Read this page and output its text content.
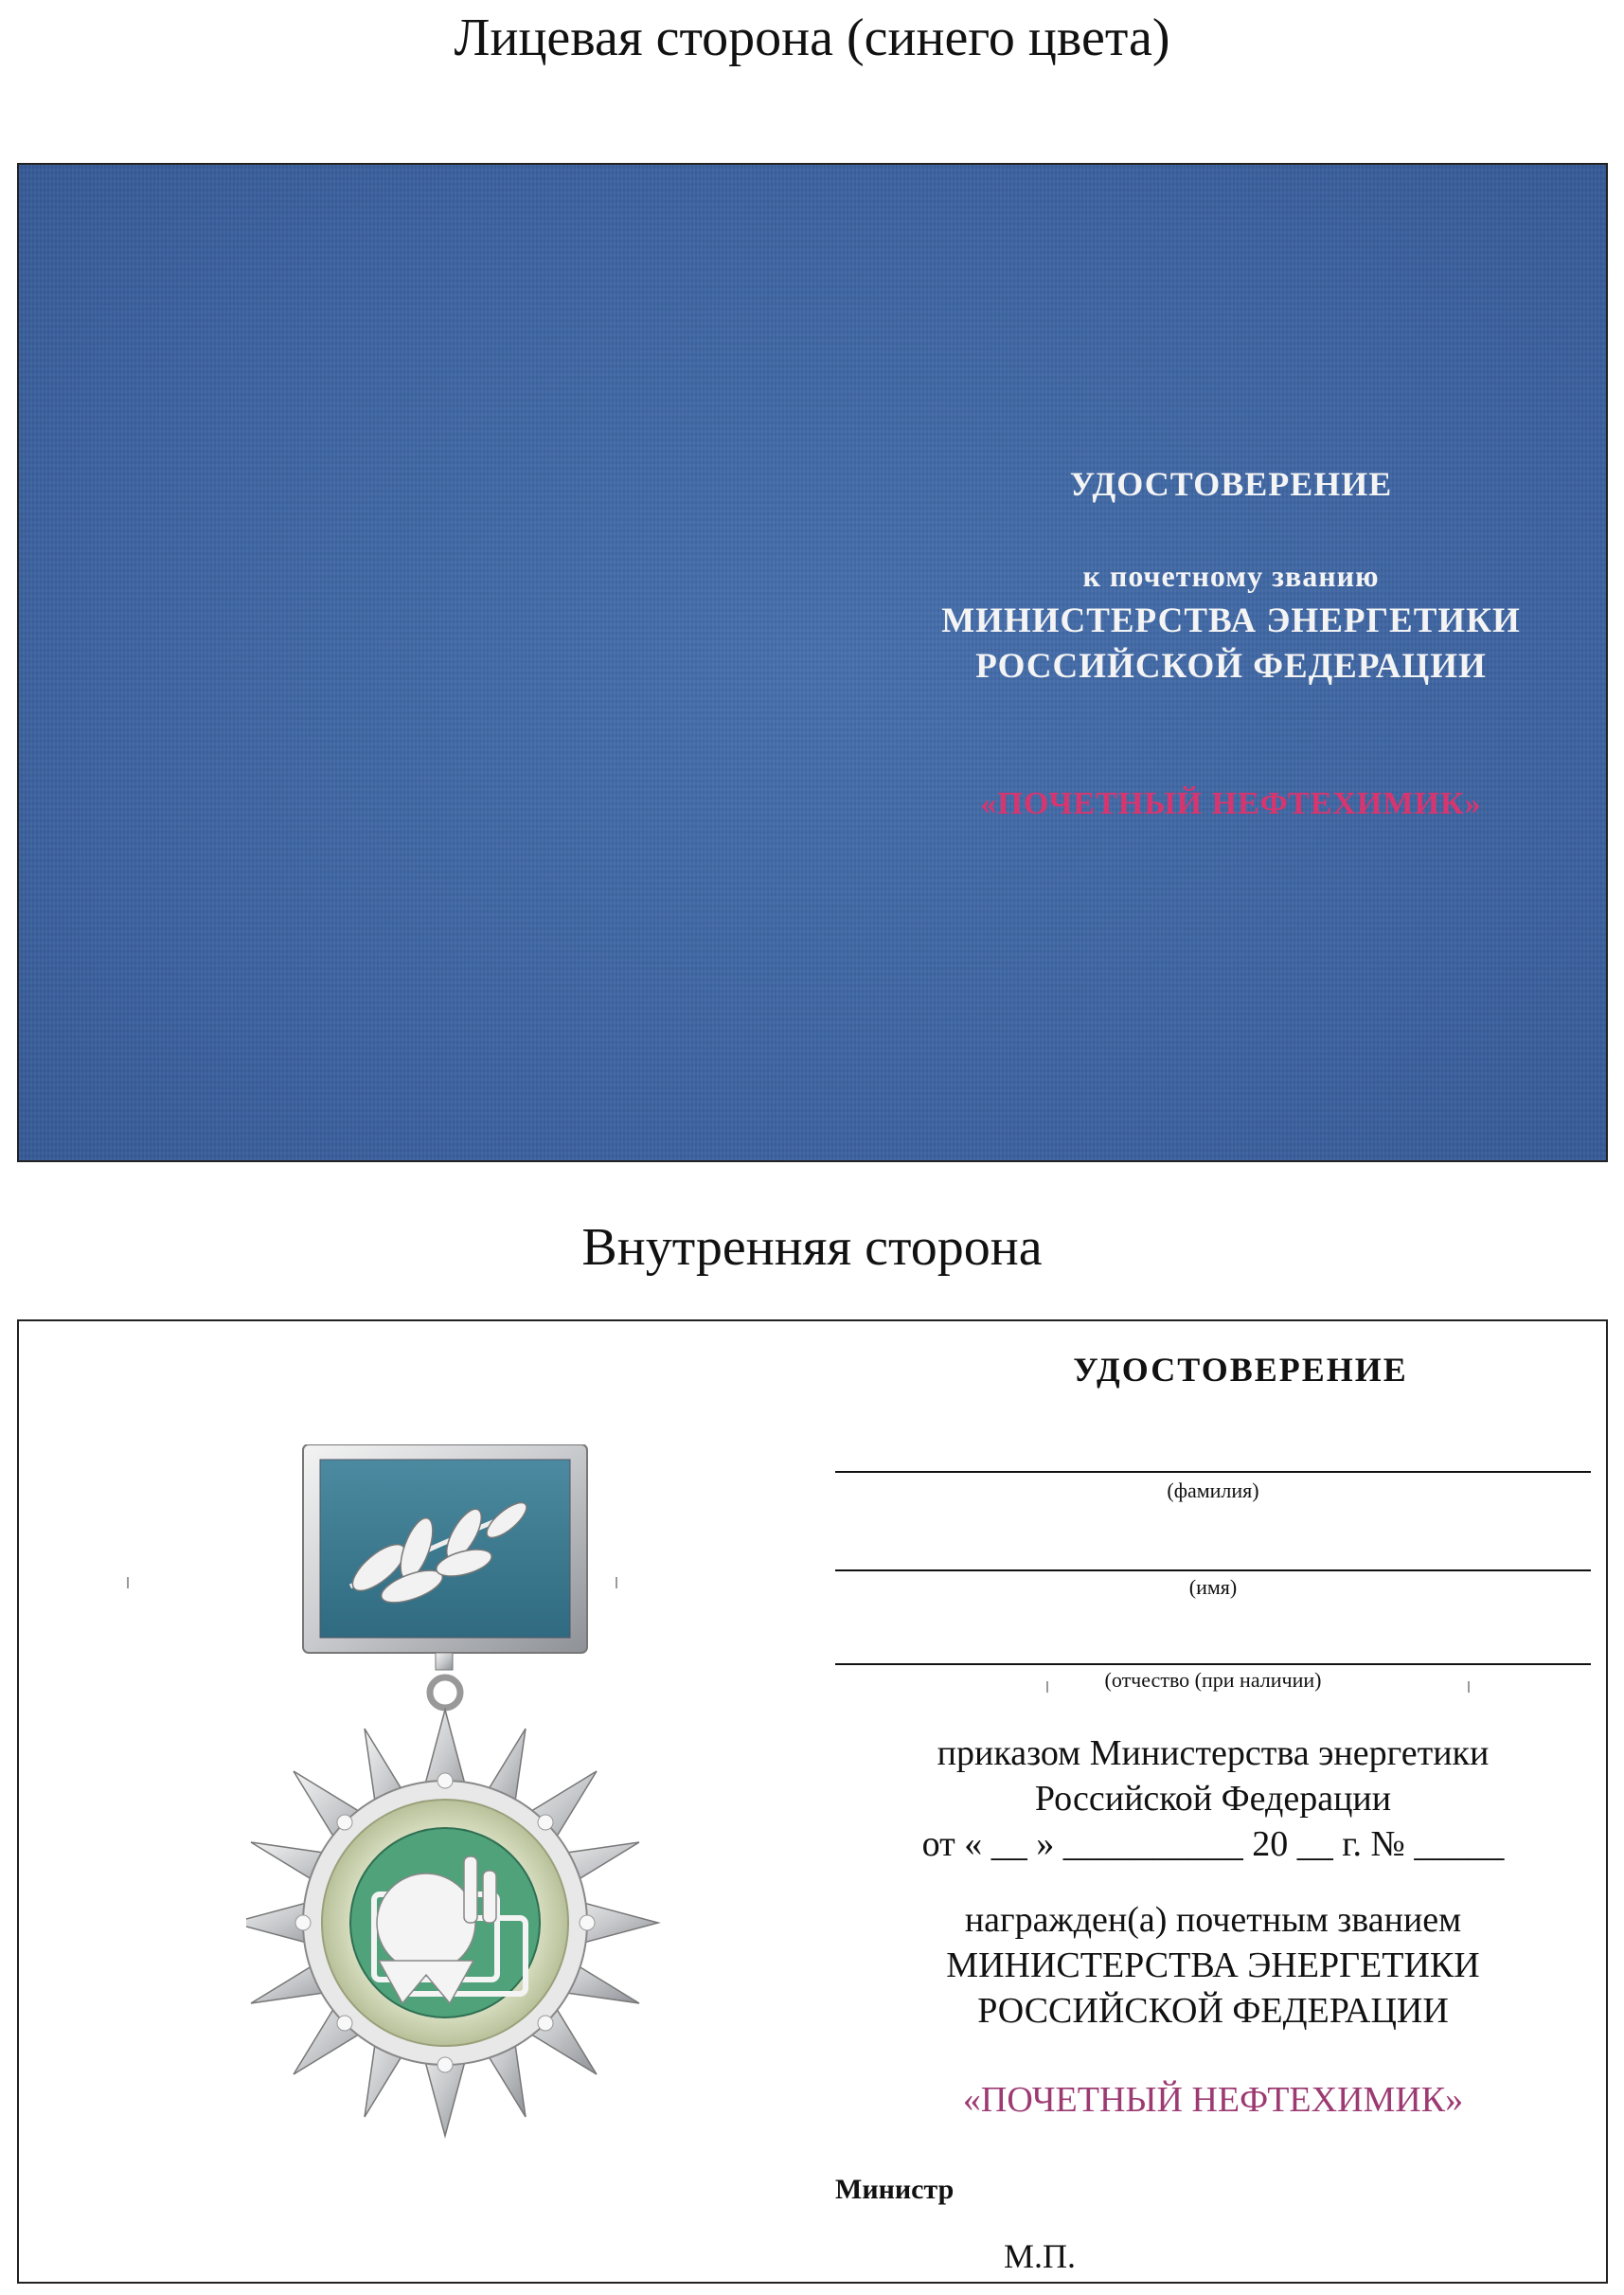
Лицевая сторона (синего цвета)
УДОСТОВЕРЕНИЕ
к почетному званию
МИНИСТЕРСТВА ЭНЕРГЕТИКИ
РОССИЙСКОЙ ФЕДЕРАЦИИ
«ПОЧЕТНЫЙ НЕФТЕХИМИК»
Внутренняя сторона
УДОСТОВЕРЕНИЕ
(фамилия)
(имя)
(отчество (при наличии)
приказом Министерства энергетики
Российской Федерации
от « __ » __________ 20 __ г. № _____
награжден(а) почетным званием
МИНИСТЕРСТВА ЭНЕРГЕТИКИ
РОССИЙСКОЙ ФЕДЕРАЦИИ
«ПОЧЕТНЫЙ НЕФТЕХИМИК»
Министр
М.П.
